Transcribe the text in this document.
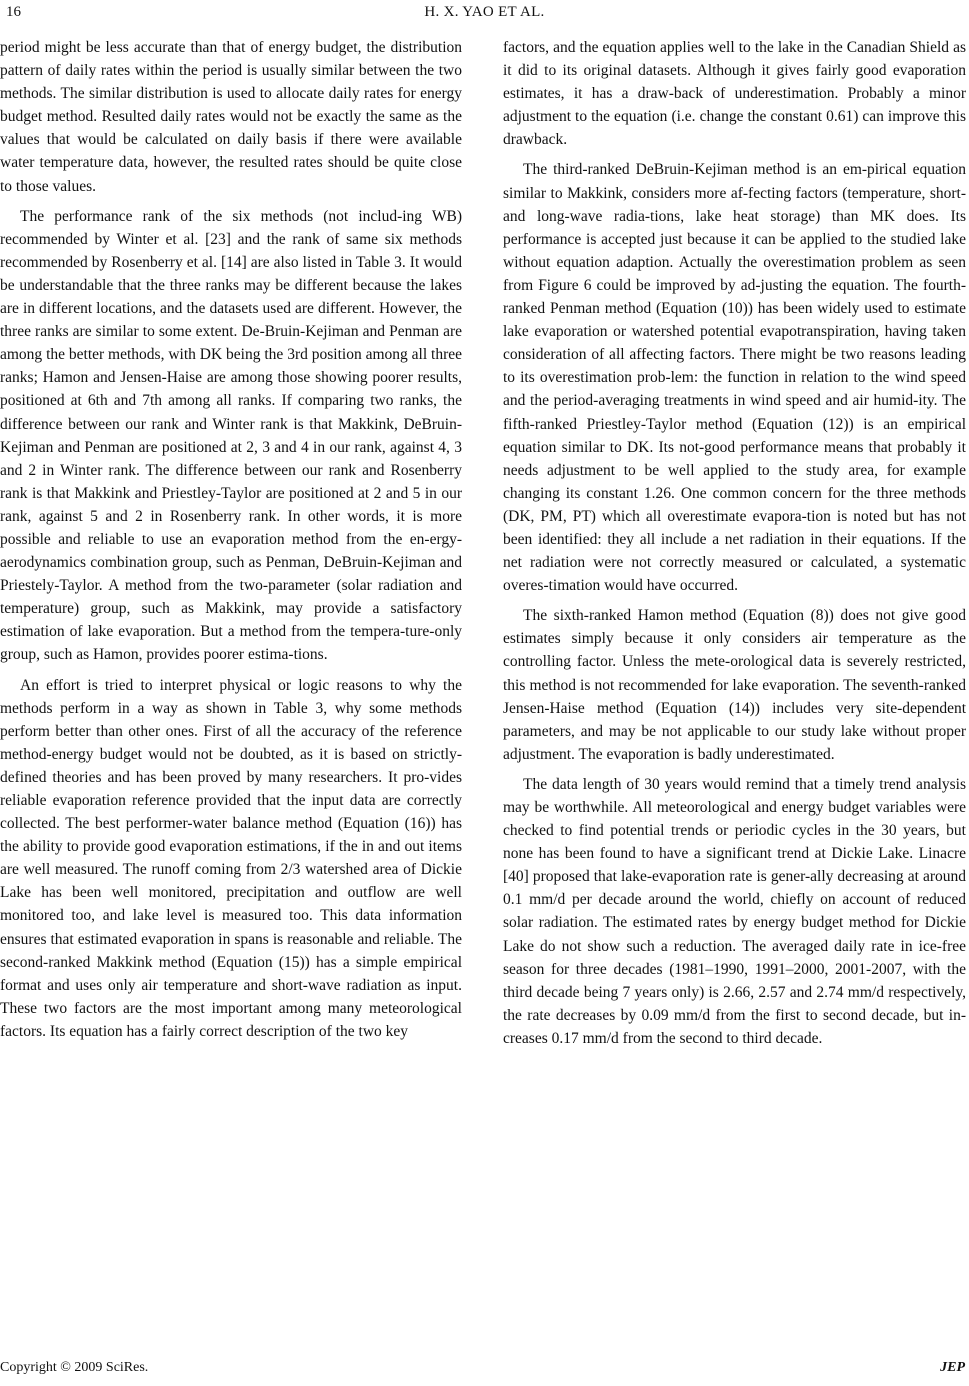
16	H. X. YAO ET AL.

period might be less accurate than that of energy budget, the distribution pattern of daily rates within the period is usually similar between the two methods. The similar distribution is used to allocate daily rates for energy budget method. Resulted daily rates would not be exactly the same as the values that would be calculated on daily basis if there were available water temperature data, however, the resulted rates should be quite close to those values.

The performance rank of the six methods (not includ-ing WB) recommended by Winter et al. [23] and the rank of same six methods recommended by Rosenberry et al. [14] are also listed in Table 3. It would be understandable that the three ranks may be different because the lakes are in different locations, and the datasets used are different. However, the three ranks are similar to some extent. De-Bruin-Kejiman and Penman are among the better methods, with DK being the 3rd position among all three ranks; Hamon and Jensen-Haise are among those showing poorer results, positioned at 6th and 7th among all ranks. If comparing two ranks, the difference between our rank and Winter rank is that Makkink, DeBruin-Kejiman and Penman are positioned at 2, 3 and 4 in our rank, against 4, 3 and 2 in Winter rank. The difference between our rank and Rosenberry rank is that Makkink and Priestley-Taylor are positioned at 2 and 5 in our rank, against 5 and 2 in Rosenberry rank. In other words, it is more possible and reliable to use an evaporation method from the en-ergy-aerodynamics combination group, such as Penman, DeBruin-Kejiman and Priestely-Taylor. A method from the two-parameter (solar radiation and temperature) group, such as Makkink, may provide a satisfactory estimation of lake evaporation. But a method from the tempera-ture-only group, such as Hamon, provides poorer estima-tions.

An effort is tried to interpret physical or logic reasons to why the methods perform in a way as shown in Table 3, why some methods perform better than other ones. First of all the accuracy of the reference method-energy budget would not be doubted, as it is based on strictly-defined theories and has been proved by many researchers. It pro-vides reliable evaporation reference provided that the input data are correctly collected. The best performer-water balance method (Equation (16)) has the ability to provide good evaporation estimations, if the in and out items are well measured. The runoff coming from 2/3 watershed area of Dickie Lake has been well monitored, precipitation and outflow are well monitored too, and lake level is measured too. This data information ensures that estimated evaporation in spans is reasonable and reliable. The second-ranked Makkink method (Equation (15)) has a simple empirical format and uses only air temperature and short-wave radiation as input. These two factors are the most important among many meteorological factors. Its equation has a fairly correct description of the two key

factors, and the equation applies well to the lake in the Canadian Shield as it did to its original datasets. Although it gives fairly good evaporation estimates, it has a draw-back of underestimation. Probably a minor adjustment to the equation (i.e. change the constant 0.61) can improve this drawback.

The third-ranked DeBruin-Kejiman method is an em-pirical equation similar to Makkink, considers more af-fecting factors (temperature, short- and long-wave radia-tions, lake heat storage) than MK does. Its performance is accepted just because it can be applied to the studied lake without equation adaption. Actually the overestimation problem as seen from Figure 6 could be improved by ad-justing the equation. The fourth-ranked Penman method (Equation (10)) has been widely used to estimate lake evaporation or watershed potential evapotranspiration, having taken consideration of all affecting factors. There might be two reasons leading to its overestimation prob-lem: the function in relation to the wind speed and the period-averaging treatments in wind speed and air humid-ity. The fifth-ranked Priestley-Taylor method (Equation (12)) is an empirical equation similar to DK. Its not-good performance means that probably it needs adjustment to be well applied to the study area, for example changing its constant 1.26. One common concern for the three methods (DK, PM, PT) which all overestimate evapora-tion is noted but has not been identified: they all include a net radiation in their equations. If the net radiation were not correctly measured or calculated, a systematic overes-timation would have occurred.

The sixth-ranked Hamon method (Equation (8)) does not give good estimates simply because it only considers air temperature as the controlling factor. Unless the mete-orological data is severely restricted, this method is not recommended for lake evaporation. The seventh-ranked Jensen-Haise method (Equation (14)) includes very site-dependent parameters, and may be not applicable to our study lake without proper adjustment. The evaporation is badly underestimated.

The data length of 30 years would remind that a timely trend analysis may be worthwhile. All meteorological and energy budget variables were checked to find potential trends or periodic cycles in the 30 years, but none has been found to have a significant trend at Dickie Lake. Linacre [40] proposed that lake-evaporation rate is gener-ally decreasing at around 0.1 mm/d per decade around the world, chiefly on account of reduced solar radiation. The estimated rates by energy budget method for Dickie Lake do not show such a reduction. The averaged daily rate in ice-free season for three decades (1981–1990, 1991–2000, 2001-2007, with the third decade being 7 years only) is 2.66, 2.57 and 2.74 mm/d respectively, the rate decreases by 0.09 mm/d from the first to second decade, but in-creases 0.17 mm/d from the second to third decade.

Copyright © 2009 SciRes.	JEP
